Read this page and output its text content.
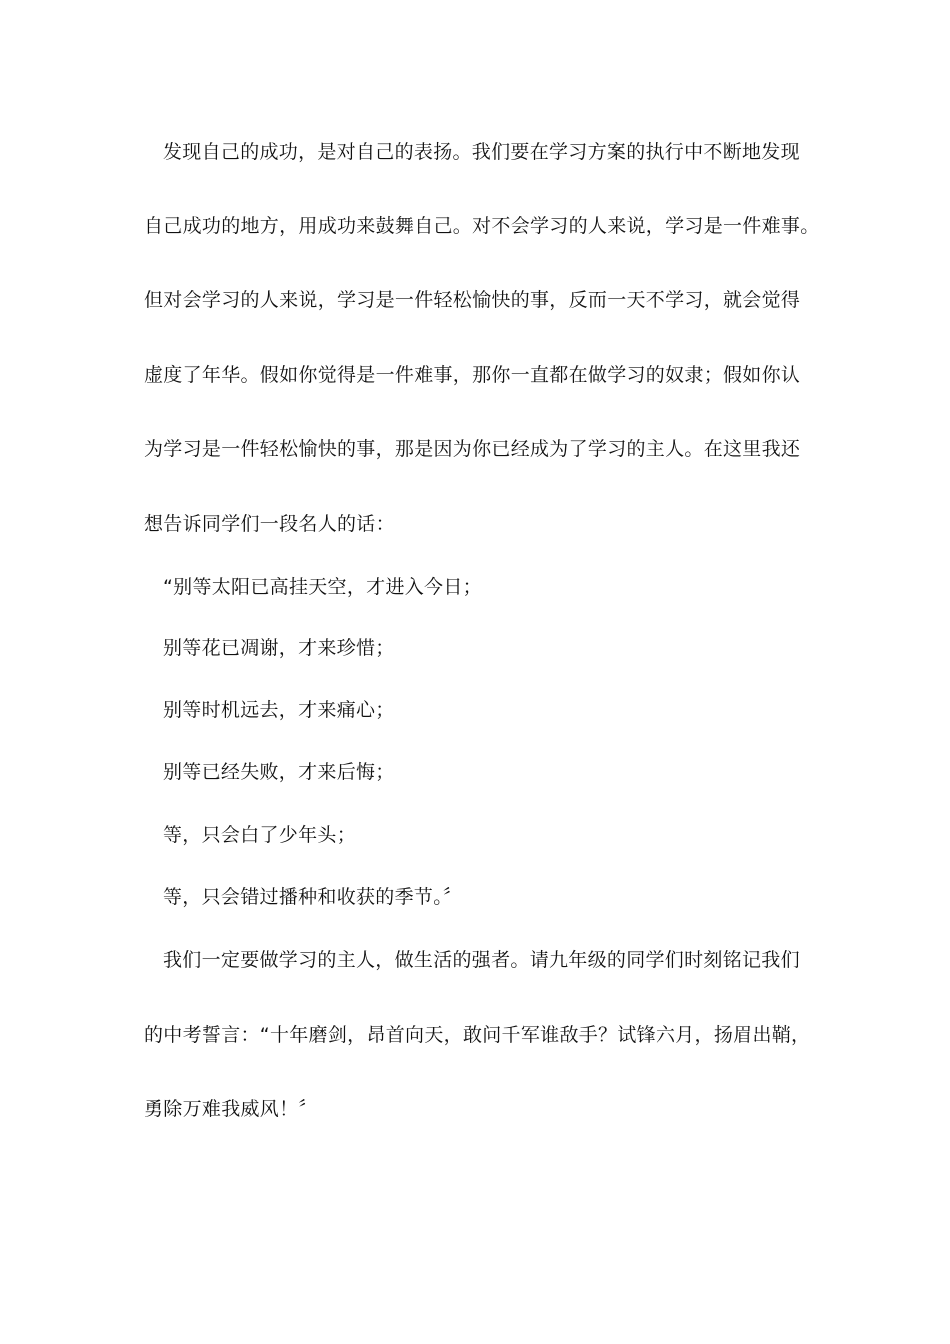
发现自己的成功，是对自己的表扬。我们要在学习方案的执行中不断地发现
自己成功的地方，用成功来鼓舞自己。对不会学习的人来说，学习是一件难事。
但对会学习的人来说，学习是一件轻松愉快的事，反而一天不学习，就会觉得
虚度了年华。假如你觉得是一件难事，那你一直都在做学习的奴隶；假如你认
为学习是一件轻松愉快的事，那是因为你已经成为了学习的主人。在这里我还
想告诉同学们一段名人的话：
“别等太阳已高挂天空，才进入今日；
别等花已凋谢，才来珍惜；
别等时机远去，才来痛心；
别等已经失败，才来后悔；
等，只会白了少年头；
等，只会错过播种和收获的季节。〞
我们一定要做学习的主人，做生活的强者。请九年级的同学们时刻铭记我们
的中考誓言：“十年磨剑，昂首向天，敢问千军谁敌手？试锋六月，扬眉出鞘，
勇除万难我威风！〞
